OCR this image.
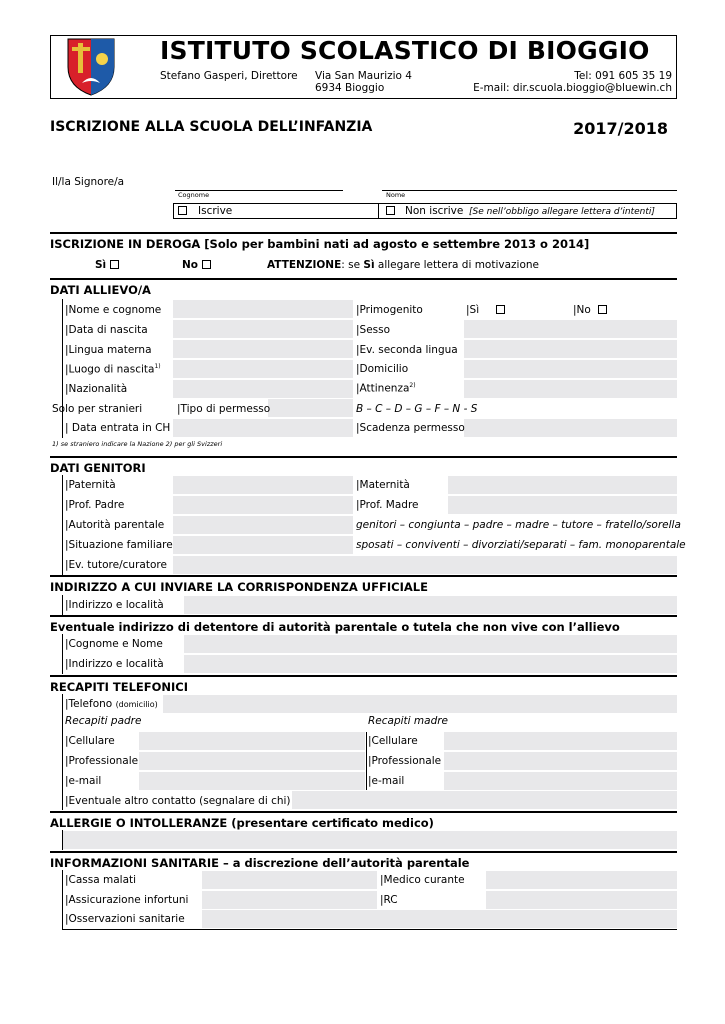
ISTITUTO SCOLASTICO DI BIOGGIO
Stefano Gasperi, Direttore Via San Maurizio 4
6934 Bioggio
Tel: 091 605 35 19
E-mail: dir.scuola.bioggio@bluewin.ch
ISCRIZIONE ALLA SCUOLA DELL’INFANZIA	2017/2018
Il/la Signore/a
Cognome	Nome
Iscrive	Non iscrive [Se nell’obbligo allegare lettera d’intenti]
ISCRIZIONE IN DEROGA [Solo per bambini nati ad agosto e settembre 2013 o 2014]
Sì	No	ATTENZIONE: se Sì allegare lettera di motivazione
DATI ALLIEVO/A
|Nome e cognome	|Primogenito	|Sì	|No
|Data di nascita	|Sesso
|Lingua materna	|Ev. seconda lingua
|Luogo di nascita$^{1)}$	|Domicilio
|Nazionalità	|Attinenza$^{2)}$
Solo per stranieri	|Tipo di permesso	B – C – D – G – F – N - S
| Data entrata in CH	|Scadenza permesso
1) se straniero indicare la Nazione 2) per gli Svizzeri
DATI GENITORI
|Paternità	|Maternità
|Prof. Padre	|Prof. Madre
|Autorità parentale	genitori – congiunta – padre – madre – tutore – fratello/sorella
|Situazione familiare	sposati – conviventi – divorziati/separati – fam. monoparentale
|Ev. tutore/curatore
INDIRIZZO A CUI INVIARE LA CORRISPONDENZA UFFICIALE
|Indirizzo e località
Eventuale indirizzo di detentore di autorità parentale o tutela che non vive con l’allievo
|Cognome e Nome
|Indirizzo e località
RECAPITI TELEFONICI
|Telefono (domicilio)
Recapiti padre	Recapiti madre
|Cellulare	|Cellulare
|Professionale	|Professionale
|e-mail	|e-mail
|Eventuale altro contatto (segnalare di chi)
ALLERGIE O INTOLLERANZE (presentare certificato medico)
INFORMAZIONI SANITARIE – a discrezione dell’autorità parentale
|Cassa malati	|Medico curante
|Assicurazione infortuni	|RC
|Osservazioni sanitarie
